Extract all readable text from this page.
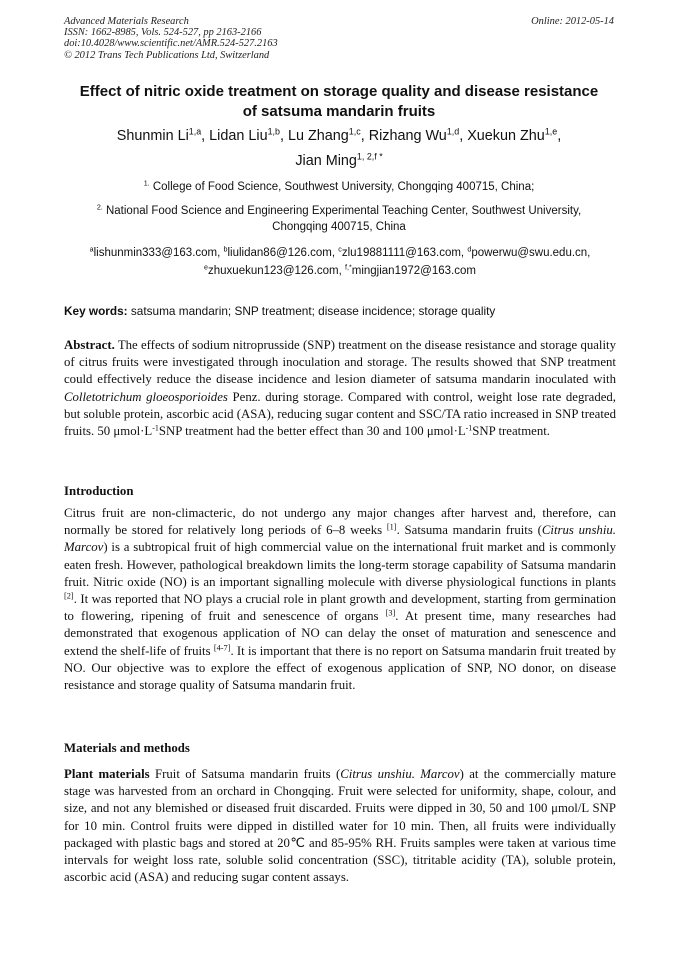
Advanced Materials Research
ISSN: 1662-8985, Vols. 524-527, pp 2163-2166
doi:10.4028/www.scientific.net/AMR.524-527.2163
© 2012 Trans Tech Publications Ltd, Switzerland
Online: 2012-05-14
Effect of nitric oxide treatment on storage quality and disease resistance
of satsuma mandarin fruits
Shunmin Li$^{1,a}$, Lidan Liu$^{1,b}$, Lu Zhang$^{1,c}$, Rizhang Wu$^{1,d}$, Xuekun Zhu$^{1,e}$,
Jian Ming$^{1, 2,f *}$
$^{1.}$ College of Food Science, Southwest University, Chongqing 400715, China;
$^{2.}$ National Food Science and Engineering Experimental Teaching Center, Southwest University,
Chongqing 400715, China
$^a$lishunmin333@163.com, $^b$liulidan86@126.com, $^c$zlu19881111@163.com, $^d$powerwu@swu.edu.cn,
$^e$zhuxuekun123@126.com, $^{f,*}$mingjian1972@163.com
Key words: satsuma mandarin; SNP treatment; disease incidence; storage quality
Abstract. The effects of sodium nitroprusside (SNP) treatment on the disease resistance and storage quality of citrus fruits were investigated through inoculation and storage. The results showed that SNP treatment could effectively reduce the disease incidence and lesion diameter of satsuma mandarin inoculated with Colletotrichum gloeosporioides Penz. during storage. Compared with control, weight lose rate degraded, but soluble protein, ascorbic acid (ASA), reducing sugar content and SSC/TA ratio increased in SNP treated fruits. 50 $\mu mol\cdot L^{-1}SNP$ treatment had the better effect than 30 and 100 $\mu mol\cdot L^{-1}SNP$ treatment.
Introduction
Citrus fruit are non-climacteric, do not undergo any major changes after harvest and, therefore, can normally be stored for relatively long periods of 6–8 weeks [1]. Satsuma mandarin fruits (Citrus unshiu. Marcov) is a subtropical fruit of high commercial value on the international fruit market and is commonly eaten fresh. However, pathological breakdown limits the long-term storage capability of Satsuma mandarin fruit. Nitric oxide (NO) is an important signalling molecule with diverse physiological functions in plants [2]. It was reported that NO plays a crucial role in plant growth and development, starting from germination to flowering, ripening of fruit and senescence of organs [3]. At present time, many researches had demonstrated that exogenous application of NO can delay the onset of maturation and senescence and extend the shelf-life of fruits [4-7]. It is important that there is no report on Satsuma mandarin fruit treated by NO. Our objective was to explore the effect of exogenous application of SNP, NO donor, on disease resistance and storage quality of Satsuma mandarin fruit.
Materials and methods
Plant materials Fruit of Satsuma mandarin fruits (Citrus unshiu. Marcov) at the commercially mature stage was harvested from an orchard in Chongqing. Fruit were selected for uniformity, shape, colour, and size, and not any blemished or diseased fruit discarded. Fruits were dipped in 30, 50 and 100 μmol/L SNP for 10 min. Control fruits were dipped in distilled water for 10 min. Then, all fruits were individually packaged with plastic bags and stored at 20℃ and 85-95% RH. Fruits samples were taken at various time intervals for weight loss rate, soluble solid concentration (SSC), titritable acidity (TA), soluble protein, ascorbic acid (ASA) and reducing sugar content assays.
